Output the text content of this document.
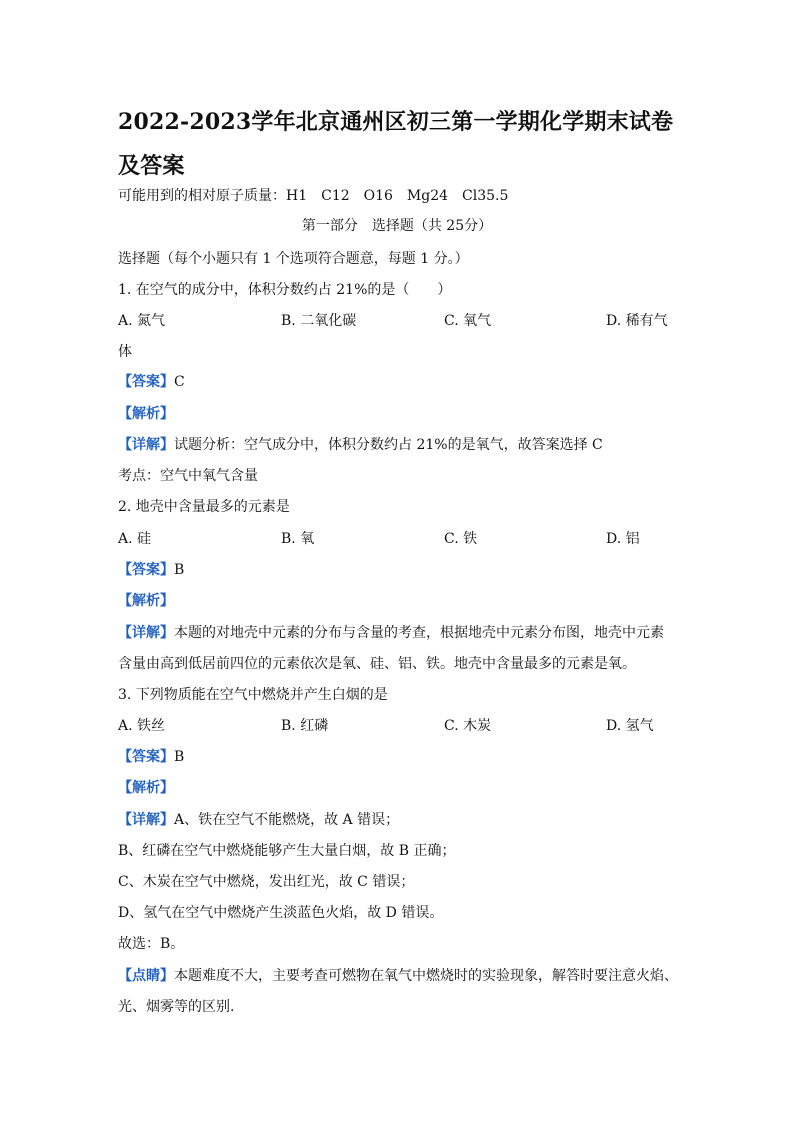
2022-2023学年北京通州区初三第一学期化学期末试卷及答案
可能用到的相对原子质量：H1　C12　O16　Mg24　Cl35.5
第一部分　选择题（共 25分）
选择题（每个小题只有 1 个选项符合题意，每题 1 分。）
1. 在空气的成分中，体积分数约占 21%的是（　　）
A. 氮气	B. 二氧化碳	C. 氧气	D. 稀有气
体
【答案】C
【解析】
【详解】试题分析：空气成分中，体积分数约占 21%的是氧气，故答案选择 C
考点：空气中氧气含量
2. 地壳中含量最多的元素是
A. 硅	B. 氧	C. 铁	D. 铝
【答案】B
【解析】
【详解】本题的对地壳中元素的分布与含量的考查，根据地壳中元素分布图，地壳中元素
含量由高到低居前四位的元素依次是氧、硅、铝、铁。地壳中含量最多的元素是氧。
3. 下列物质能在空气中燃烧并产生白烟的是
A. 铁丝	B. 红磷	C. 木炭	D. 氢气
【答案】B
【解析】
【详解】A、铁在空气不能燃烧，故 A 错误；
B、红磷在空气中燃烧能够产生大量白烟，故 B 正确；
C、木炭在空气中燃烧，发出红光，故 C 错误；
D、氢气在空气中燃烧产生淡蓝色火焰，故 D 错误。
故选：B。
【点睛】本题难度不大，主要考查可燃物在氧气中燃烧时的实验现象，解答时要注意火焰、
光、烟雾等的区别.
